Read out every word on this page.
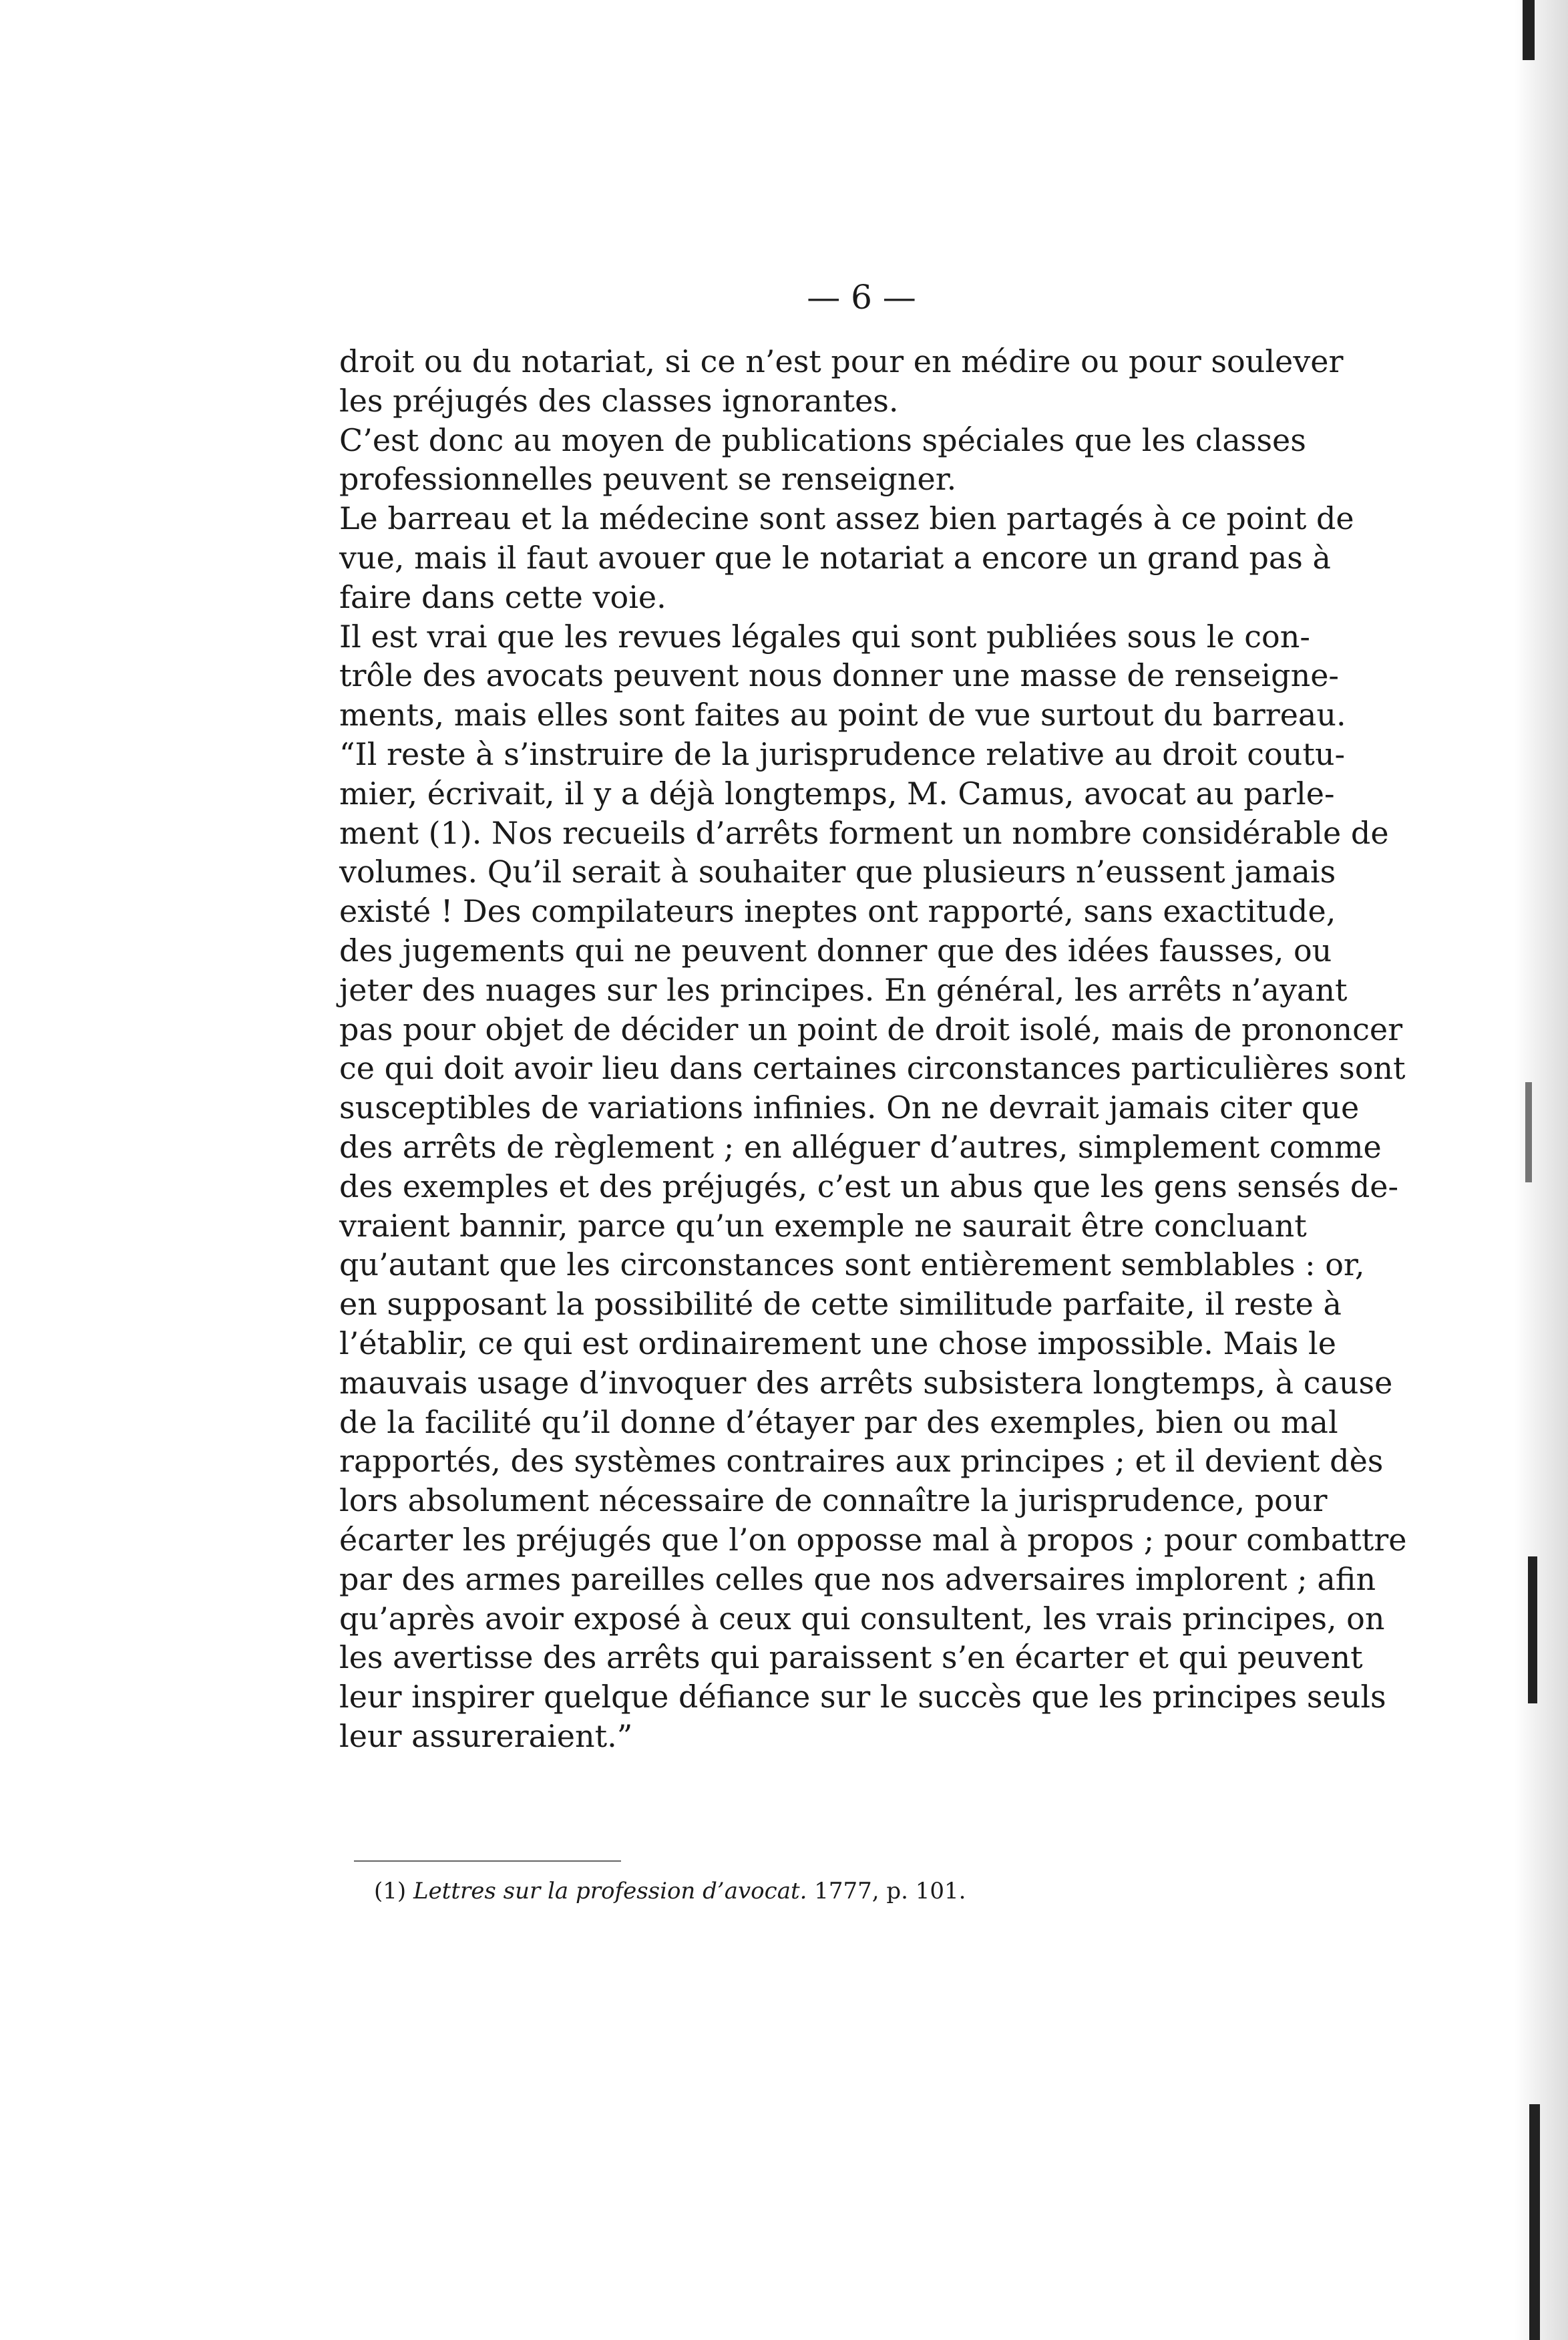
— 6 —
droit ou du notariat, si ce n’est pour en médire ou pour soulever
les préjugés des classes ignorantes.
C’est donc au moyen de publications spéciales que les classes
professionnelles peuvent se renseigner.
Le barreau et la médecine sont assez bien partagés à ce point de
vue, mais il faut avouer que le notariat a encore un grand pas à
faire dans cette voie.
Il est vrai que les revues légales qui sont publiées sous le con-
trôle des avocats peuvent nous donner une masse de renseigne-
ments, mais elles sont faites au point de vue surtout du barreau.
“Il reste à s’instruire de la jurisprudence relative au droit coutu-
mier, écrivait, il y a déjà longtemps, M. Camus, avocat au parle-
ment (1). Nos recueils d’arrêts forment un nombre considérable de
volumes. Qu’il serait à souhaiter que plusieurs n’eussent jamais
existé ! Des compilateurs ineptes ont rapporté, sans exactitude,
des jugements qui ne peuvent donner que des idées fausses, ou
jeter des nuages sur les principes. En général, les arrêts n’ayant
pas pour objet de décider un point de droit isolé, mais de prononcer
ce qui doit avoir lieu dans certaines circonstances particulières sont
susceptibles de variations infinies. On ne devrait jamais citer que
des arrêts de règlement ; en alléguer d’autres, simplement comme
des exemples et des préjugés, c’est un abus que les gens sensés de-
vraient bannir, parce qu’un exemple ne saurait être concluant
qu’autant que les circonstances sont entièrement semblables : or,
en supposant la possibilité de cette similitude parfaite, il reste à
l’établir, ce qui est ordinairement une chose impossible. Mais le
mauvais usage d’invoquer des arrêts subsistera longtemps, à cause
de la facilité qu’il donne d’étayer par des exemples, bien ou mal
rapportés, des systèmes contraires aux principes ; et il devient dès
lors absolument nécessaire de connaître la jurisprudence, pour
écarter les préjugés que l’on opposse mal à propos ; pour combattre
par des armes pareilles celles que nos adversaires implorent ; afin
qu’après avoir exposé à ceux qui consultent, les vrais principes, on
les avertisse des arrêts qui paraissent s’en écarter et qui peuvent
leur inspirer quelque défiance sur le succès que les principes seuls
leur assureraient.”
(1) Lettres sur la profession d’avocat. 1777, p. 101.
